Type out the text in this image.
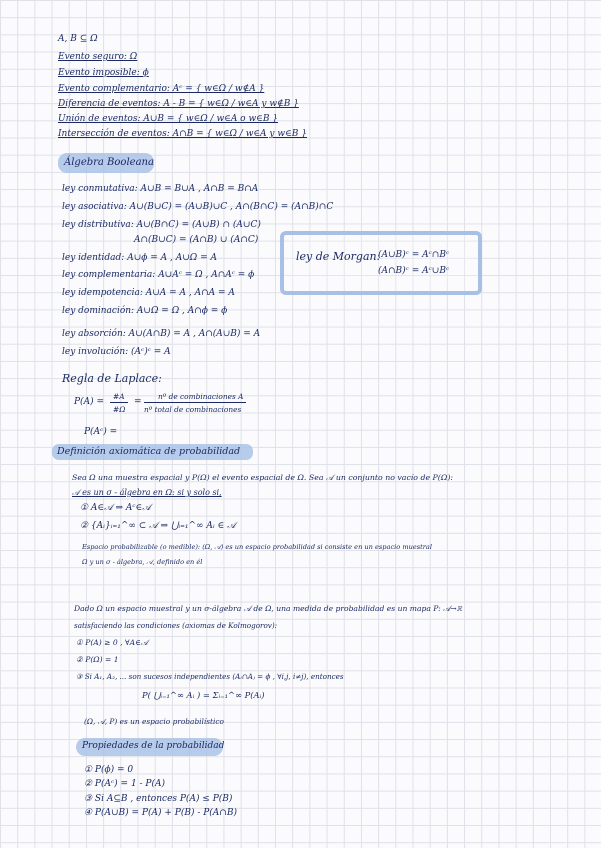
A, B ⊆ Ω
Evento seguro: Ω
Evento imposible: ϕ
Evento complementario: Aᶜ = { w∈Ω / w∉A }
Diferencia de eventos: A - B = { w∈Ω / w∈A y w∉B }
Unión de eventos: A∪B = { w∈Ω / w∈A o w∈B }
Intersección de eventos: A∩B = { w∈Ω / w∈A y w∈B }
Álgebra Booleana
ley conmutativa: A∪B = B∪A , A∩B = B∩A
ley asociativa: A∪(B∪C) = (A∪B)∪C , A∩(B∩C) = (A∩B)∩C
ley distributiva: A∪(B∩C) = (A∪B) ∩ (A∪C)
A∩(B∪C) = (A∩B) ∪ (A∩C)
ley identidad: A∪ϕ = A , A∪Ω = A
ley complementaria: A∪Aᶜ = Ω , A∩Aᶜ = ϕ
ley idempotencia: A∪A = A , A∩A = A
ley dominación: A∪Ω = Ω , A∩ϕ = ϕ
ley absorción: A∪(A∩B) = A , A∩(A∪B) = A
ley involución: (Aᶜ)ᶜ = A
ley de Morgan:
(A∪B)ᶜ = Aᶜ∩Bᶜ
(A∩B)ᶜ = Aᶜ∪Bᶜ
Regla de Laplace:
P(A) =
#A
#Ω
=
nº de combinaciones A
nº total de combinaciones
P(Aᶜ) =
Definición axiomática de probabilidad
Sea Ω una muestra espacial y P(Ω) el evento espacial de Ω. Sea 𝒜 un conjunto no vacío de P(Ω):
𝒜 es un σ - álgebra en Ω: si y solo si,
① A∈𝒜 ⇒ Aᶜ∈𝒜
② {Aᵢ}ᵢ₌₁^∞ ⊂ 𝒜 ⇒ ⋃ᵢ₌₁^∞ Aᵢ ∈ 𝒜
Espacio probabilizable (o medible): (Ω, 𝒜) es un espacio probabilidad si consiste en un espacio muestral
Ω y un σ - álgebra, 𝒜, definido en él
Dado Ω un espacio muestral y un σ-álgebra 𝒜 de Ω, una medida de probabilidad es un mapa P: 𝒜→ℝ
satisfaciendo las condiciones (axiomas de Kolmogorov):
① P(A) ≥ 0 , ∀A∈𝒜
② P(Ω) = 1
③ Si A₁, A₂, ... son sucesos independientes (Aᵢ∩Aⱼ = ϕ , ∀i,j, i≠j), entonces
P( ⋃ᵢ₌₁^∞ Aᵢ ) = Σᵢ₌₁^∞ P(Aᵢ)
(Ω, 𝒜, P) es un espacio probabilístico
Propiedades de la probabilidad
① P(ϕ) = 0
② P(Aᶜ) = 1 - P(A)
③ Si A⊆B , entonces P(A) ≤ P(B)
④ P(A∪B) = P(A) + P(B) - P(A∩B)
